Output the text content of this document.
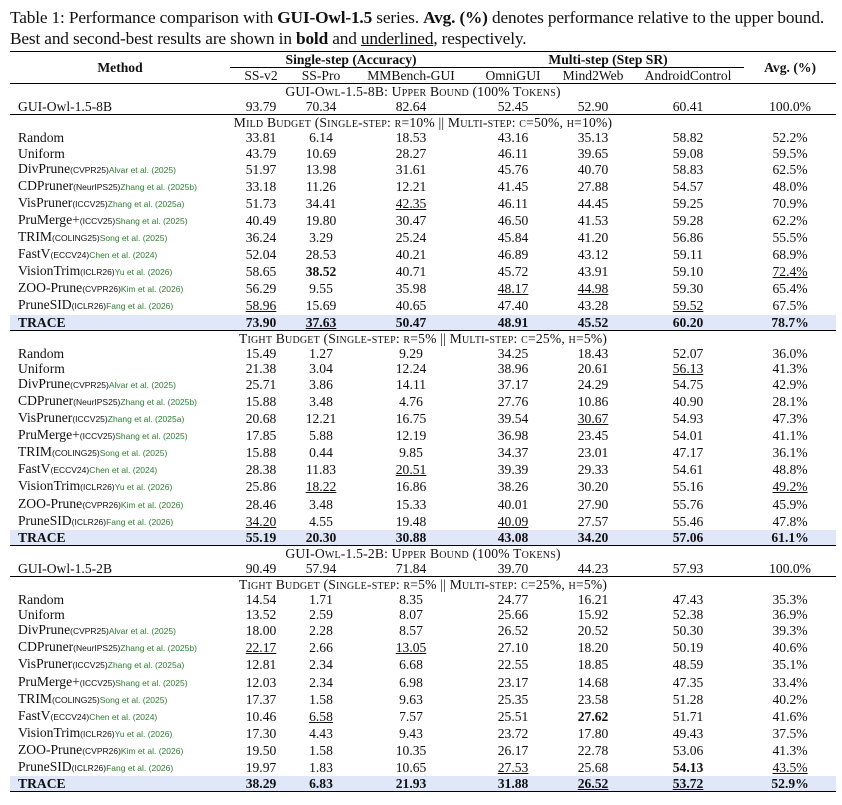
Table 1: Performance comparison with GUI-Owl-1.5 series. Avg. (%) denotes performance relative to the upper bound. Best and second-best results are shown in bold and underlined, respectively.
Method	Single-step (Accuracy)			Multi-step (Step SR)			Avg. (%)
	SS-v2	SS-Pro	MMBench-GUI	OmniGUI	Mind2Web	AndroidControl	
GUI-Owl-1.5-8B: Upper Bound (100% Tokens)							
GUI-Owl-1.5-8B	93.79	70.34	82.64	52.45	52.90	60.41	100.0%
Mild Budget (Single-step: r=10% || Multi-step: c=50%, h=10%)							
Random	33.81	6.14	18.53	43.16	35.13	58.82	52.2%
Uniform	43.79	10.69	28.27	46.11	39.65	59.08	59.5%
DivPrune(CVPR25)Alvar et al. (2025)	51.97	13.98	31.61	45.76	40.70	58.83	62.5%
CDPruner(NeurIPS25)Zhang et al. (2025b)	33.18	11.26	12.21	41.45	27.88	54.57	48.0%
VisPruner(ICCV25)Zhang et al. (2025a)	51.73	34.41	42.35	46.11	44.45	59.25	70.9%
PruMerge+(ICCV25)Shang et al. (2025)	40.49	19.80	30.47	46.50	41.53	59.28	62.2%
TRIM(COLING25)Song et al. (2025)	36.24	3.29	25.24	45.84	41.20	56.86	55.5%
FastV(ECCV24)Chen et al. (2024)	52.04	28.53	40.21	46.89	43.12	59.11	68.9%
VisionTrim(ICLR26)Yu et al. (2026)	58.65	38.52	40.71	45.72	43.91	59.10	72.4%
ZOO-Prune(CVPR26)Kim et al. (2026)	56.29	9.55	35.98	48.17	44.98	59.30	65.4%
PruneSID(ICLR26)Fang et al. (2026)	58.96	15.69	40.65	47.40	43.28	59.52	67.5%
TRACE	73.90	37.63	50.47	48.91	45.52	60.20	78.7%
Tight Budget (Single-step: r=5% || Multi-step: c=25%, h=5%)							
Random	15.49	1.27	9.29	34.25	18.43	52.07	36.0%
Uniform	21.38	3.04	12.24	38.96	20.61	56.13	41.3%
DivPrune(CVPR25)Alvar et al. (2025)	25.71	3.86	14.11	37.17	24.29	54.75	42.9%
CDPruner(NeurIPS25)Zhang et al. (2025b)	15.88	3.48	4.76	27.76	10.86	40.90	28.1%
VisPruner(ICCV25)Zhang et al. (2025a)	20.68	12.21	16.75	39.54	30.67	54.93	47.3%
PruMerge+(ICCV25)Shang et al. (2025)	17.85	5.88	12.19	36.98	23.45	54.01	41.1%
TRIM(COLING25)Song et al. (2025)	15.88	0.44	9.85	34.37	23.01	47.17	36.1%
FastV(ECCV24)Chen et al. (2024)	28.38	11.83	20.51	39.39	29.33	54.61	48.8%
VisionTrim(ICLR26)Yu et al. (2026)	25.86	18.22	16.86	38.26	30.20	55.16	49.2%
ZOO-Prune(CVPR26)Kim et al. (2026)	28.46	3.48	15.33	40.01	27.90	55.76	45.9%
PruneSID(ICLR26)Fang et al. (2026)	34.20	4.55	19.48	40.09	27.57	55.46	47.8%
TRACE	55.19	20.30	30.88	43.08	34.20	57.06	61.1%
GUI-Owl-1.5-2B: Upper Bound (100% Tokens)							
GUI-Owl-1.5-2B	90.49	57.94	71.84	39.70	44.23	57.93	100.0%
Tight Budget (Single-step: r=5% || Multi-step: c=25%, h=5%)							
Random	14.54	1.71	8.35	24.77	16.21	47.43	35.3%
Uniform	13.52	2.59	8.07	25.66	15.92	52.38	36.9%
DivPrune(CVPR25)Alvar et al. (2025)	18.00	2.28	8.57	26.52	20.52	50.30	39.3%
CDPruner(NeurIPS25)Zhang et al. (2025b)	22.17	2.66	13.05	27.10	18.20	50.19	40.6%
VisPruner(ICCV25)Zhang et al. (2025a)	12.81	2.34	6.68	22.55	18.85	48.59	35.1%
PruMerge+(ICCV25)Shang et al. (2025)	12.03	2.34	6.98	23.17	14.68	47.35	33.4%
TRIM(COLING25)Song et al. (2025)	17.37	1.58	9.63	25.35	23.58	51.28	40.2%
FastV(ECCV24)Chen et al. (2024)	10.46	6.58	7.57	25.51	27.62	51.71	41.6%
VisionTrim(ICLR26)Yu et al. (2026)	17.30	4.43	9.43	23.72	17.80	49.43	37.5%
ZOO-Prune(CVPR26)Kim et al. (2026)	19.50	1.58	10.35	26.17	22.78	53.06	41.3%
PruneSID(ICLR26)Fang et al. (2026)	19.97	1.83	10.65	27.53	25.68	54.13	43.5%
TRACE	38.29	6.83	21.93	31.88	26.52	53.72	52.9%
